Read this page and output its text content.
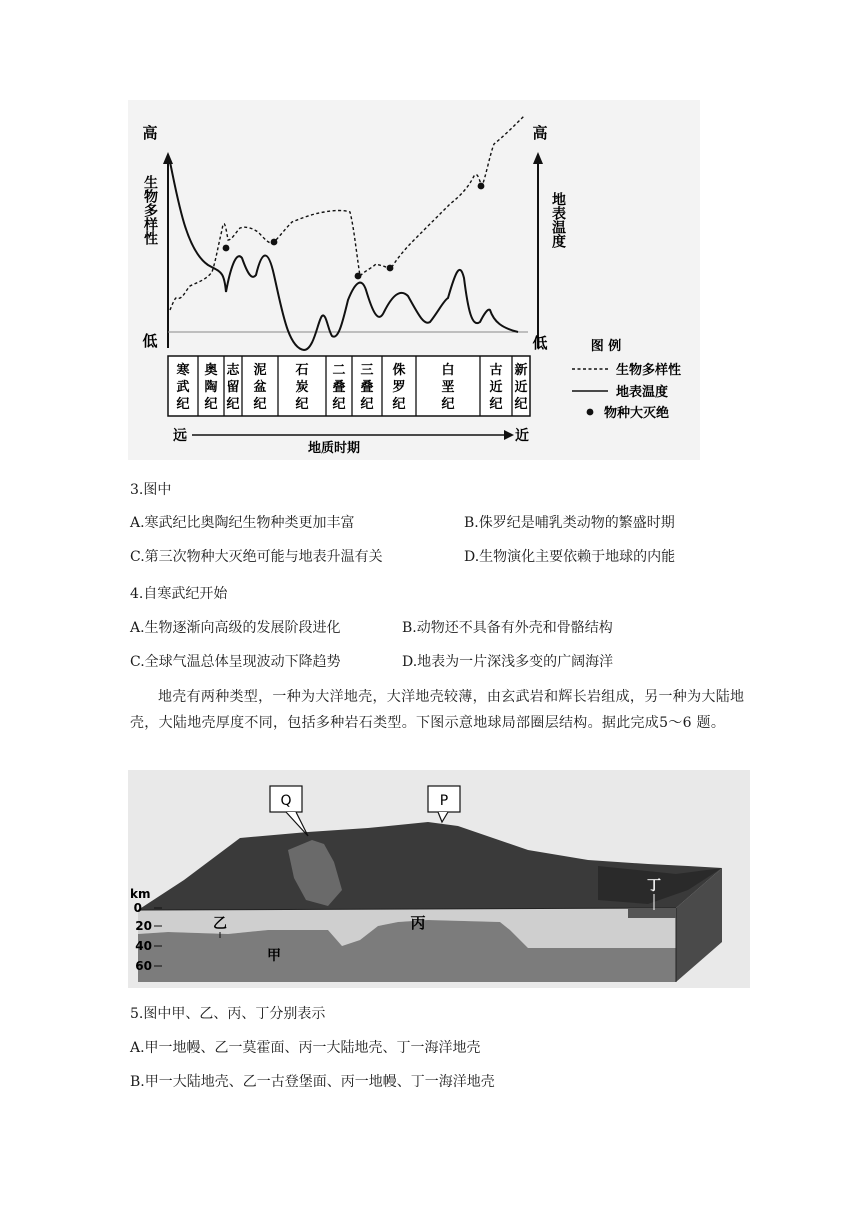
高
低
生物多样性
高
低
地表温度
寒武纪
奥陶纪
志留纪
泥盆纪
石炭纪
二叠纪
三叠纪
侏罗纪
白垩纪
古近纪
新近纪
远	近
地质时期
图 例
生物多样性
地表温度
物种大灭绝
3.图中
A.寒武纪比奥陶纪生物种类更加丰富	B.侏罗纪是哺乳类动物的繁盛时期
C.第三次物种大灭绝可能与地表升温有关	D.生物演化主要依赖于地球的内能
4.自寒武纪开始
A.生物逐渐向高级的发展阶段进化	B.动物还不具备有外壳和骨骼结构
C.全球气温总体呈现波动下降趋势	D.地表为一片深浅多变的广阔海洋
地壳有两种类型，一种为大洋地壳，大洋地壳较薄，由玄武岩和辉长岩组成，另一种为大陆地壳，大陆地壳厚度不同，包括多种岩石类型。下图示意地球局部圈层结构。据此完成5～6 题。
Q	P
km
0
20
40
60
乙	丙
甲
丁
5.图中甲、乙、丙、丁分别表示
A.甲一地幔、乙一莫霍面、丙一大陆地壳、丁一海洋地壳
B.甲一大陆地壳、乙一古登堡面、丙一地幔、丁一海洋地壳
